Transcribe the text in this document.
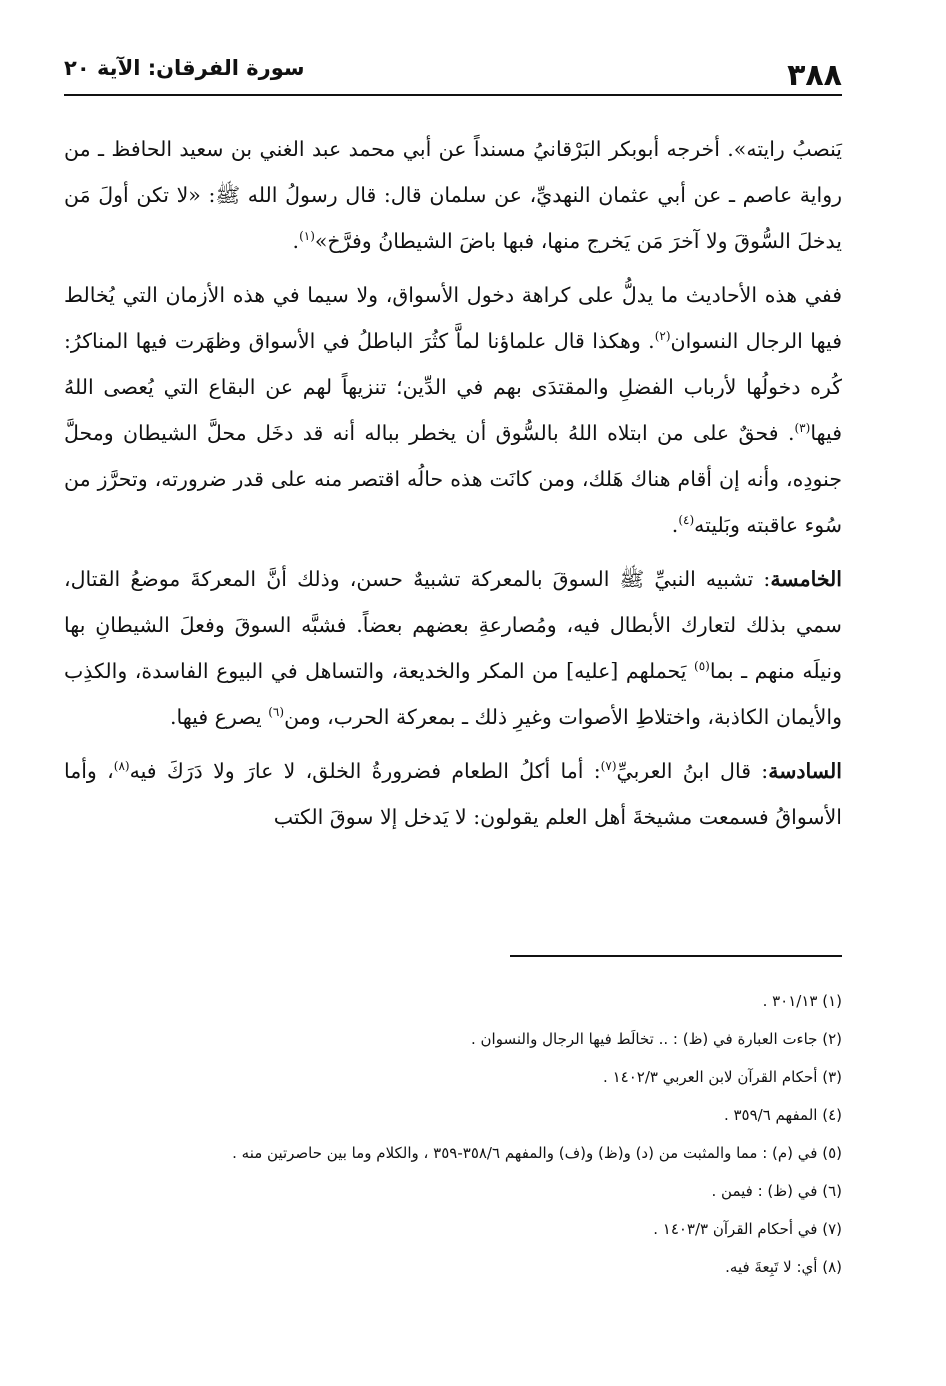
٣٨٨
سورة الفرقان: الآية ٢٠

يَنصبُ رايته». أخرجه أبوبكر البَرْقانيُ مسنداً عن أبي محمد عبد الغني بن سعيد الحافظ ـ من رواية عاصم ـ عن أبي عثمان النهديِّ، عن سلمان قال: قال رسولُ الله ﷺ: «لا تكن أولَ مَن يدخلَ السُّوقَ ولا آخرَ مَن يَخرج منها، فبها باضَ الشيطانُ وفرَّخ»$^{(١)}$.

ففي هذه الأحاديث ما يدلُّ على كراهة دخول الأسواق، ولا سيما في هذه الأزمان التي يُخالط فيها الرجال النسوان$^{(٢)}$. وهكذا قال علماؤنا لماَّ كثُرَ الباطلُ في الأسواق وظهَرت فيها المناكرُ: كُره دخولُها لأرباب الفضلِ والمقتدَى بهم في الدِّين؛ تنزيهاً لهم عن البقاع التي يُعصى اللهُ فيها$^{(٣)}$. فحقٌ على من ابتلاه اللهُ بالسُّوق أن يخطر بباله أنه قد دخَل محلَّ الشيطان ومحلَّ جنودِه، وأنه إن أقام هناك هَلك، ومن كانَت هذه حالُه اقتصر منه على قدر ضرورته، وتحرَّز من سُوء عاقبته وبَليته$^{(٤)}$.

الخامسة: تشبيه النبيِّ ﷺ السوقَ بالمعركة تشبيهٌ حسن، وذلك أنَّ المعركةَ موضعُ القتال، سمي بذلك لتعارك الأبطال فيه، ومُصارعةِ بعضهم بعضاً. فشبَّه السوقَ وفعلَ الشيطانِ بها ونيلَه منهم ـ بما$^{(٥)}$ يَحملهم [عليه] من المكر والخديعة، والتساهل في البيوع الفاسدة، والكذِب والأيمان الكاذبة، واختلاطِ الأصوات وغيرِ ذلك ـ بمعركة الحرب، ومن$^{(٦)}$ يصرع فيها.

السادسة: قال ابنُ العربيِّ$^{(٧)}$: أما أكلُ الطعام فضرورةُ الخلق، لا عارَ ولا دَرَكَ فيه$^{(٨)}$، وأما الأسواقُ فسمعت مشيخةَ أهل العلم يقولون: لا يَدخل إلا سوقَ الكتب

(١) ٣٠١/١٣ .
(٢) جاءت العبارة في (ظ) : .. تخالَط فيها الرجال والنسوان .
(٣) أحكام القرآن لابن العربي ١٤٠٢/٣ .
(٤) المفهم ٣٥٩/٦ .
(٥) في (م) : مما والمثبت من (د) و(ظ) و(ف) والمفهم ٣٥٨/٦-٣٥٩ ، والكلام وما بين حاصرتين منه .
(٦) في (ظ) : فيمن .
(٧) في أحكام القرآن ١٤٠٣/٣ .
(٨) أي: لا تَبِعةَ فيه.
